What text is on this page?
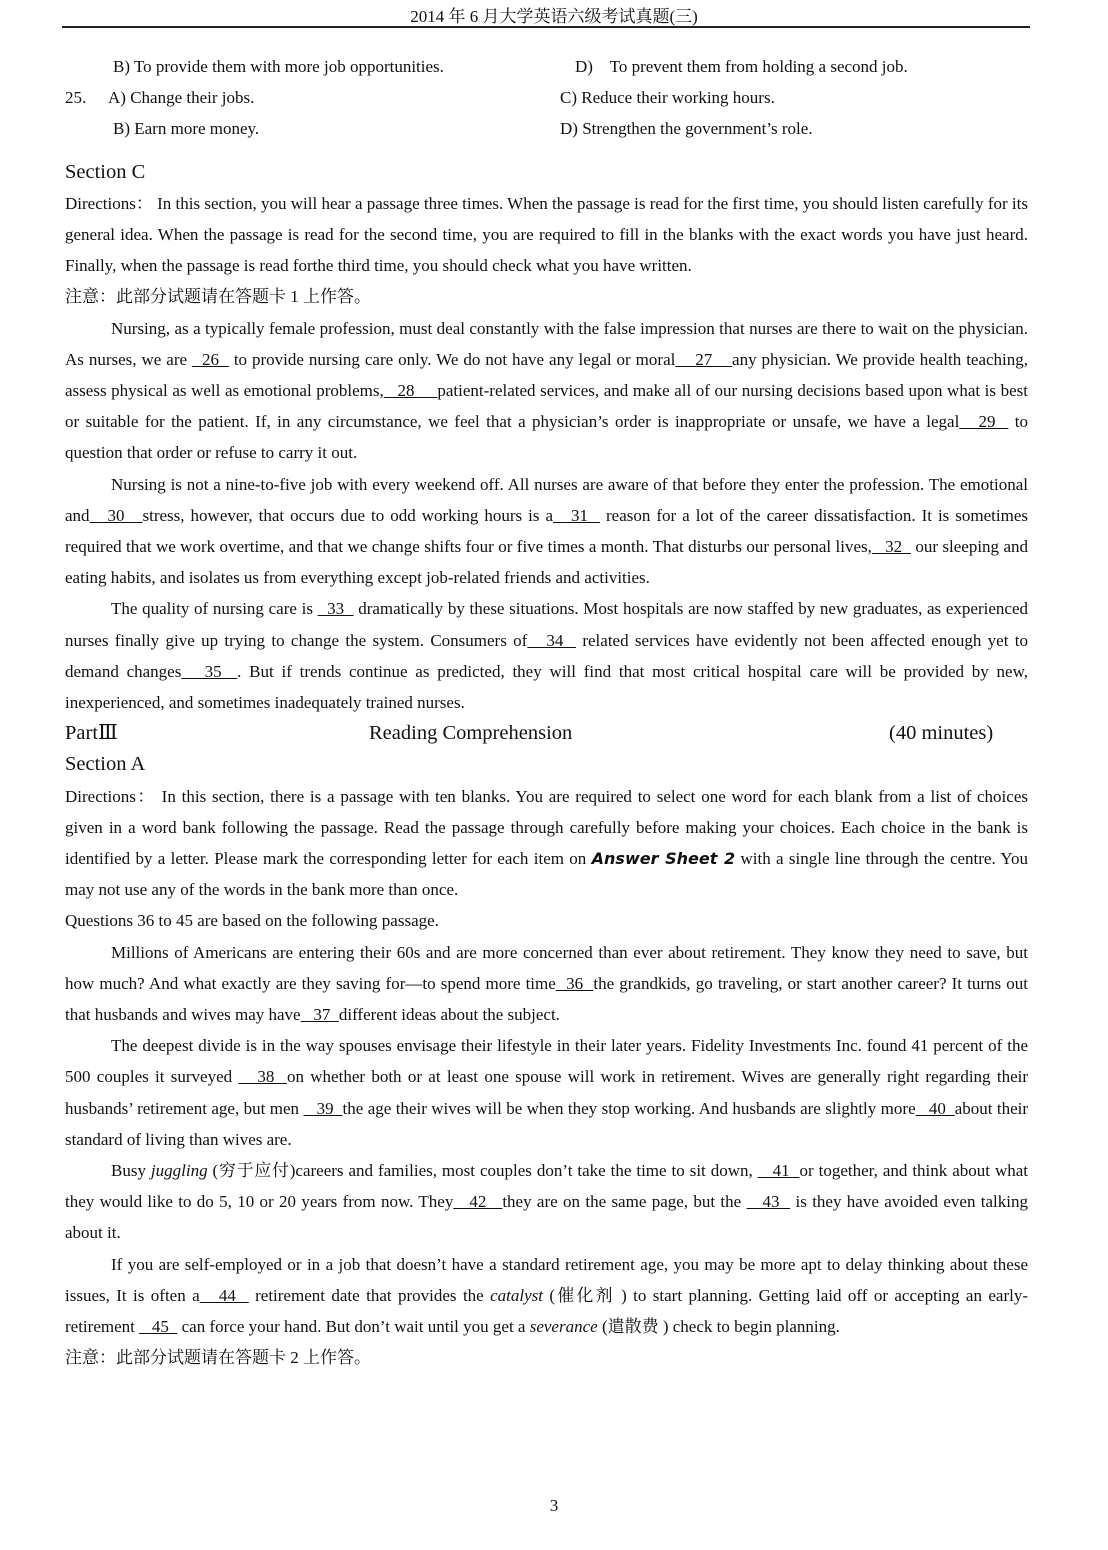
2014 年 6 月大学英语六级考试真题(三)
B) To provide them with more job opportunities.	D)    To prevent them from holding a second job.
25. A) Change their jobs.	C) Reduce their working hours.
B) Earn more money.	D) Strengthen the government’s role.
Section C
Directions： In this section, you will hear a passage three times. When the passage is read for the first time, you should listen carefully for its general idea. When the passage is read for the second time, you are required to fill in the blanks with the exact words you have just heard. Finally, when the passage is read forthe third time, you should check what you have written.
注意：此部分试题请在答题卡 1 上作答。
Nursing, as a typically female profession, must deal constantly with the false impression that nurses are there to wait on the physician. As nurses, we are   26   to provide nursing care only. We do not have any legal or moral    27    any physician. We provide health teaching, assess physical as well as emotional problems,   28     patient-related services, and make all of our nursing decisions based upon what is best or suitable for the patient. If, in any circumstance, we feel that a physician’s order is inappropriate or unsafe, we have a legal   29   to question that order or refuse to carry it out.
Nursing is not a nine-to-five job with every weekend off. All nurses are aware of that before they enter the profession. The emotional and   30   stress, however, that occurs due to odd working hours is a   31   reason for a lot of the career dissatisfaction. It is sometimes required that we work overtime, and that we change shifts four or five times a month. That disturbs our personal lives,   32   our sleeping and eating habits, and isolates us from everything except job-related friends and activities.
The quality of nursing care is   33   dramatically by these situations. Most hospitals are now staffed by new graduates, as experienced nurses finally give up trying to change the system. Consumers of   34   related services have evidently not been affected enough yet to demand changes   35  . But if trends continue as predicted, they will find that most critical hospital care will be provided by new, inexperienced, and sometimes inadequately trained nurses.
PartⅢ	Reading Comprehension	(40 minutes)
Section A
Directions： In this section, there is a passage with ten blanks. You are required to select one word for each blank from a list of choices given in a word bank following the passage. Read the passage through carefully before making your choices. Each choice in the bank is identified by a letter. Please mark the corresponding letter for each item on Answer Sheet 2 with a single line through the centre. You may not use any of the words in the bank more than once.
Questions 36 to 45 are based on the following passage.
Millions of Americans are entering their 60s and are more concerned than ever about retirement. They know they need to save, but how much? And what exactly are they saving for—to spend more time  36  the grandkids, go traveling, or start another career? It turns out that husbands and wives may have   37  different ideas about the subject.
The deepest divide is in the way spouses envisage their lifestyle in their later years. Fidelity Investments Inc. found 41 percent of the 500 couples it surveyed    38  on whether both or at least one spouse will work in retirement. Wives are generally right regarding their husbands’ retirement age, but men    39  the age their wives will be when they stop working. And husbands are slightly more   40  about their standard of living than wives are.
Busy juggling (穷于应付)careers and families, most couples don’t take the time to sit down,    41  or together, and think about what they would like to do 5, 10 or 20 years from now. They   42   they are on the same page, but the    43   is they have avoided even talking about it.
If you are self-employed or in a job that doesn’t have a standard retirement age, you may be more apt to delay thinking about these issues, It is often a   44   retirement date that provides the catalyst (催化剂 ) to start planning. Getting laid off or accepting an early-retirement    45   can force your hand. But don’t wait until you get a severance (遣散费 ) check to begin planning.
注意：此部分试题请在答题卡 2 上作答。
3
